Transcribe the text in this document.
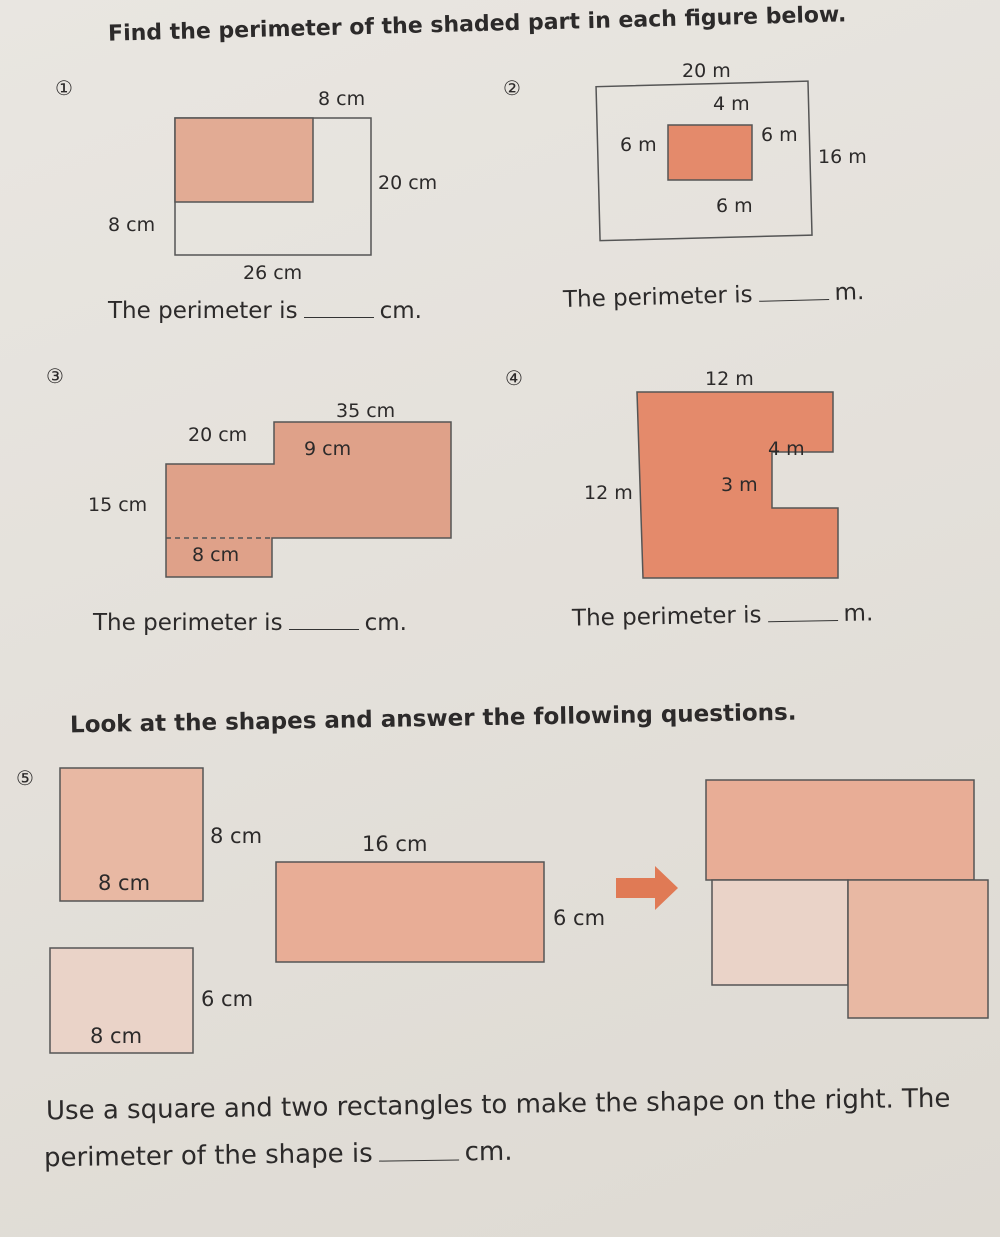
Find the perimeter of the shaded part in each figure below.
①	8 cm
20 cm
8 cm
26 cm
The perimeter is	cm.
②
20 m
4 m
6 m	6 m
16 m
6 m
The perimeter is	m.
③
35 cm
20 cm
9 cm
15 cm
8 cm
The perimeter is	cm.
④	12 m
4 m
12 m	3 m
The perimeter is	m.
Look at the shapes and answer the following questions.
⑤
8 cm
8 cm
16 cm
6 cm
6 cm
8 cm
Use a square and two rectangles to make the shape on the right. The
perimeter of the shape is	cm.
